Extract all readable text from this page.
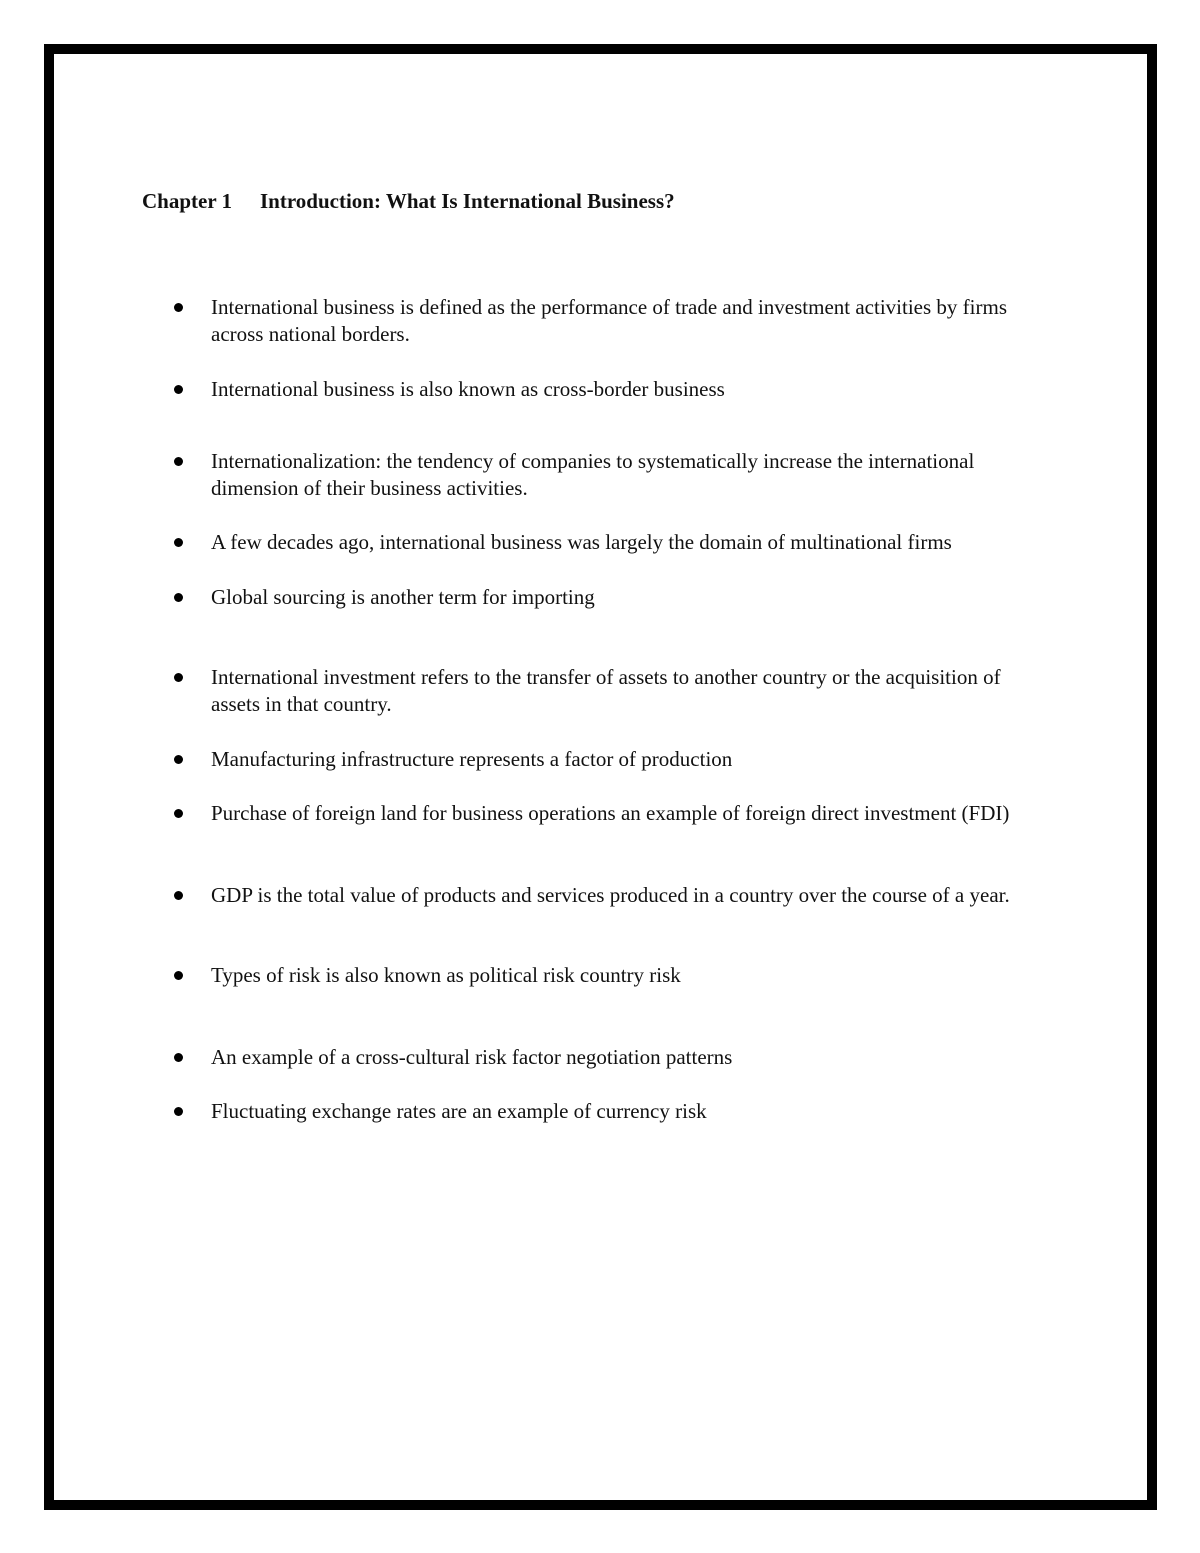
Chapter 1 Introduction: What Is International Business?
International business is defined as the performance of trade and investment activities by firms across national borders.
International business is also known as cross-border business
Internationalization: the tendency of companies to systematically increase the international dimension of their business activities.
A few decades ago, international business was largely the domain of multinational firms
Global sourcing is another term for importing
International investment refers to the transfer of assets to another country or the acquisition of assets in that country.
Manufacturing infrastructure represents a factor of production
Purchase of foreign land for business operations an example of foreign direct investment (FDI)
GDP is the total value of products and services produced in a country over the course of a year.
Types of risk is also known as political risk country risk
An example of a cross-cultural risk factor negotiation patterns
Fluctuating exchange rates are an example of currency risk
